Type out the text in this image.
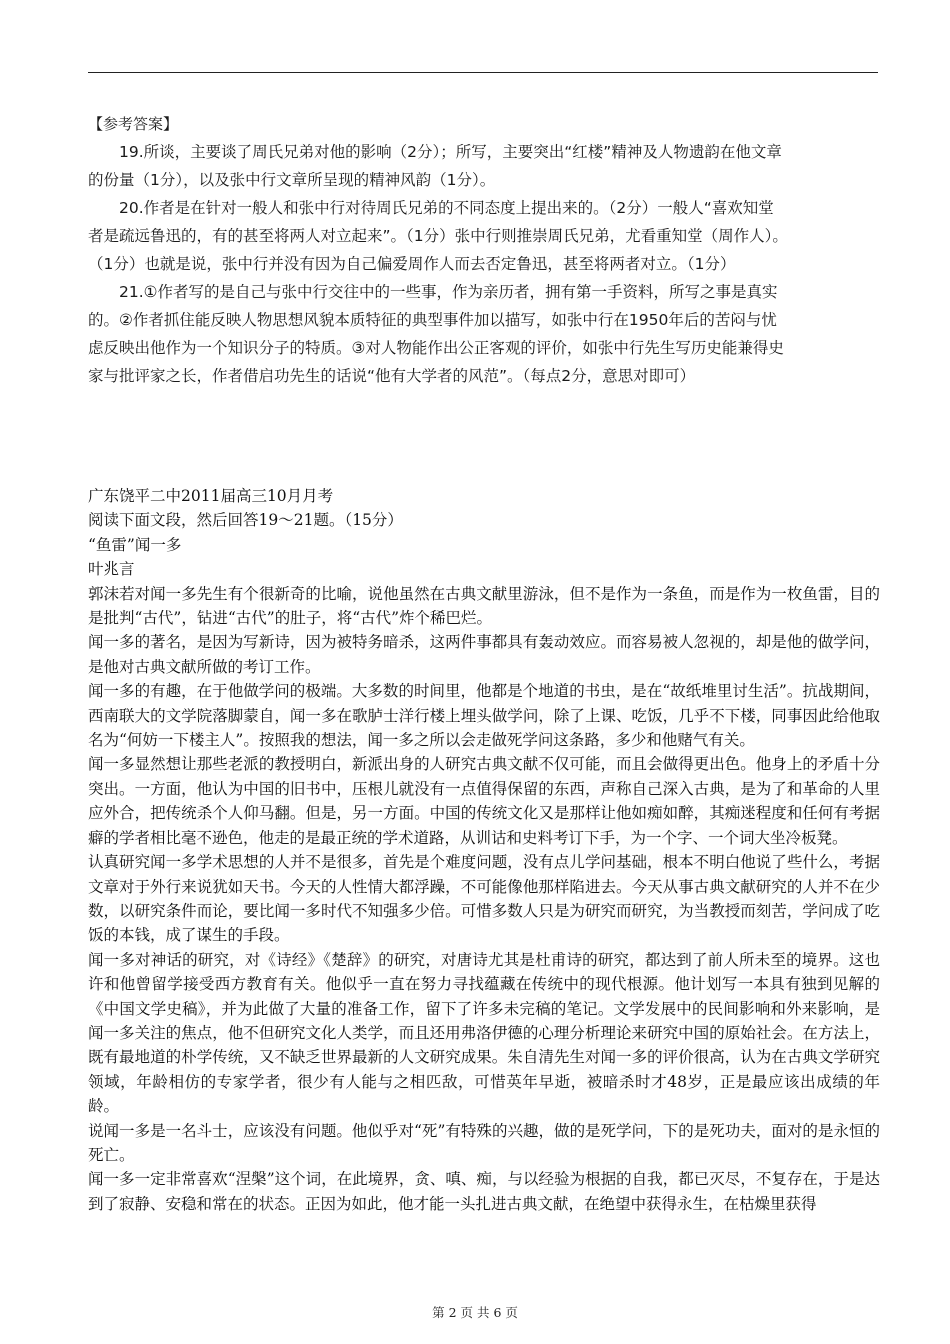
【参考答案】

19.所谈，主要谈了周氏兄弟对他的影响（2分）；所写，主要突出“红楼”精神及人物遗韵在他文章的份量（1分），以及张中行文章所呈现的精神风韵（1分）。

20.作者是在针对一般人和张中行对待周氏兄弟的不同态度上提出来的。（2分）一般人“喜欢知堂者是疏远鲁迅的，有的甚至将两人对立起来”。（1分）张中行则推崇周氏兄弟，尤看重知堂（周作人）。（1分）也就是说，张中行并没有因为自己偏爱周作人而去否定鲁迅，甚至将两者对立。（1分）

21.①作者写的是自己与张中行交往中的一些事，作为亲历者，拥有第一手资料，所写之事是真实的。②作者抓住能反映人物思想风貌本质特征的典型事件加以描写，如张中行在1950年后的苦闷与忧虑反映出他作为一个知识分子的特质。③对人物能作出公正客观的评价，如张中行先生写历史能兼得史家与批评家之长，作者借启功先生的话说“他有大学者的风范”。（每点2分，意思对即可）

广东饶平二中2011届高三10月月考

阅读下面文段，然后回答19～21题。（15分）

“鱼雷”闻一多

叶兆言

郭沫若对闻一多先生有个很新奇的比喻，说他虽然在古典文献里游泳，但不是作为一条鱼，而是作为一枚鱼雷，目的是批判“古代”，钻进“古代”的肚子，将“古代”炸个稀巴烂。

闻一多的著名，是因为写新诗，因为被特务暗杀，这两件事都具有轰动效应。而容易被人忽视的，却是他的做学问，是他对古典文献所做的考订工作。

闻一多的有趣，在于他做学问的极端。大多数的时间里，他都是个地道的书虫，是在“故纸堆里讨生活”。抗战期间，西南联大的文学院落脚蒙自，闻一多在歌胪士洋行楼上埋头做学问，除了上课、吃饭，几乎不下楼，同事因此给他取名为“何妨一下楼主人”。按照我的想法，闻一多之所以会走做死学问这条路，多少和他赌气有关。

闻一多显然想让那些老派的教授明白，新派出身的人研究古典文献不仅可能，而且会做得更出色。他身上的矛盾十分突出。一方面，他认为中国的旧书中，压根儿就没有一点值得保留的东西，声称自己深入古典，是为了和革命的人里应外合，把传统杀个人仰马翻。但是，另一方面。中国的传统文化又是那样让他如痴如醉，其痴迷程度和任何有考据癖的学者相比毫不逊色，他走的是最正统的学术道路，从训诂和史料考订下手，为一个字、一个词大坐冷板凳。

认真研究闻一多学术思想的人并不是很多，首先是个难度问题，没有点儿学问基础，根本不明白他说了些什么，考据文章对于外行来说犹如天书。今天的人性情大都浮躁，不可能像他那样陷进去。今天从事古典文献研究的人并不在少数，以研究条件而论，要比闻一多时代不知强多少倍。可惜多数人只是为研究而研究，为当教授而刻苦，学问成了吃饭的本钱，成了谋生的手段。

闻一多对神话的研究，对《诗经》《楚辞》的研究，对唐诗尤其是杜甫诗的研究，都达到了前人所未至的境界。这也许和他曾留学接受西方教育有关。他似乎一直在努力寻找蕴藏在传统中的现代根源。他计划写一本具有独到见解的《中国文学史稿》，并为此做了大量的准备工作，留下了许多未完稿的笔记。文学发展中的民间影响和外来影响，是闻一多关注的焦点，他不但研究文化人类学，而且还用弗洛伊德的心理分析理论来研究中国的原始社会。在方法上，既有最地道的朴学传统，又不缺乏世界最新的人文研究成果。朱自清先生对闻一多的评价很高，认为在古典文学研究领域，年龄相仿的专家学者，很少有人能与之相匹敌，可惜英年早逝，被暗杀时才48岁，正是最应该出成绩的年龄。

说闻一多是一名斗士，应该没有问题。他似乎对“死”有特殊的兴趣，做的是死学问，下的是死功夫，面对的是永恒的死亡。

闻一多一定非常喜欢“涅槃”这个词，在此境界，贪、嗔、痴，与以经验为根据的自我，都已灭尽，不复存在，于是达到了寂静、安稳和常在的状态。正因为如此，他才能一头扎进古典文献，在绝望中获得永生，在枯燥里获得

第 2 页 共 6 页
